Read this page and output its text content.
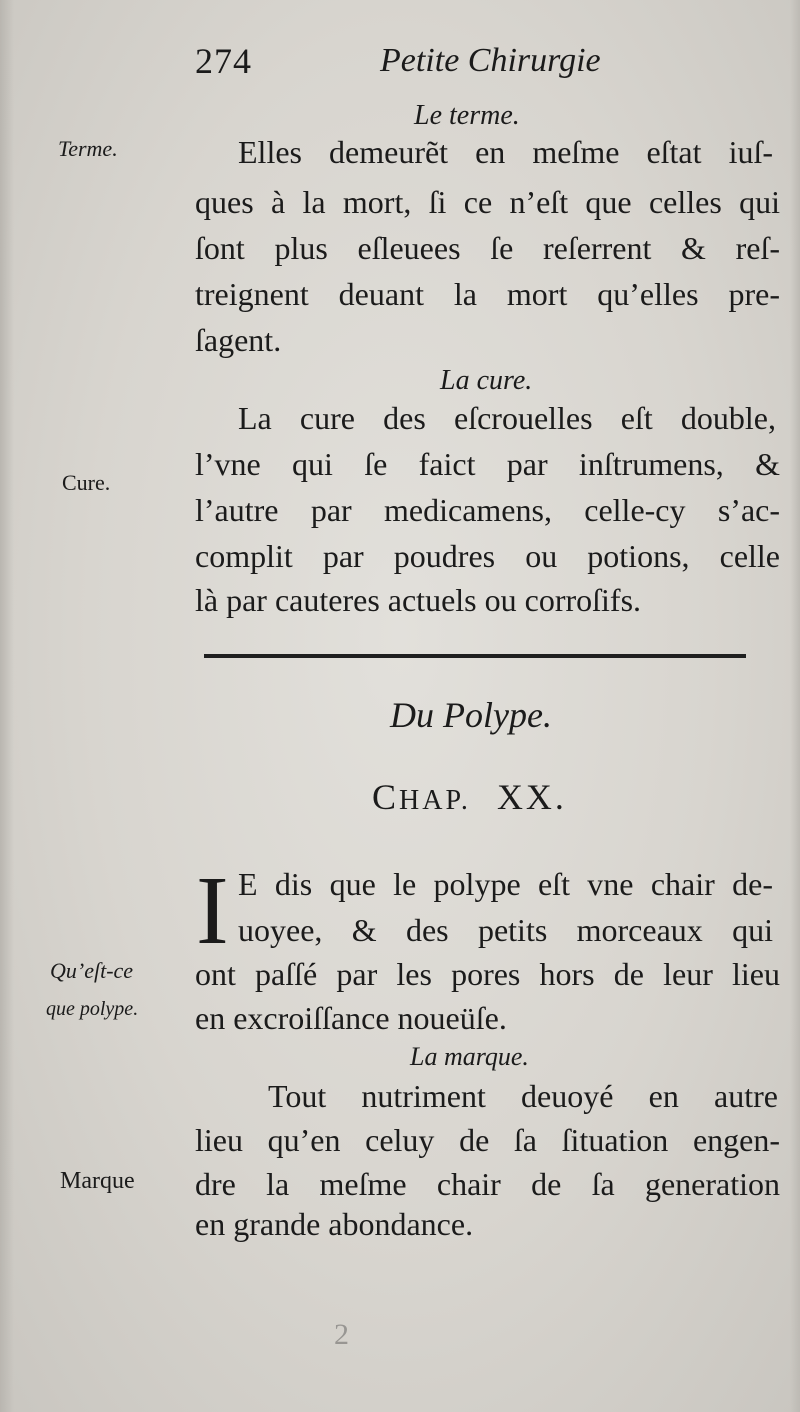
274	Petite Chirurgie
Le terme.
Terme.	Elles demeurẽt en meſme eſtat iuſ-
ques à la mort, ſi ce n’eſt que celles qui
ſont plus eſleuees ſe reſerrent & reſ-
treignent deuant la mort qu’elles pre-
ſagent.
La cure.
Cure.
La cure des eſcrouelles eſt double,
l’vne qui ſe faict par inſtrumens, &
l’autre par medicamens, celle-cy s’ac-
complit par poudres ou potions, celle
là par cauteres actuels ou corroſifs.
Du Polype.
CHAP. XX.
I E dis que le polype eſt vne chair de-
uoyee, & des petits morceaux qui
ont paſſé par les pores hors de leur lieu
en excroiſſance noueüſe.
Qu’eſt-ce
que polype.
La marque.
Marque
Tout nutriment deuoyé en autre
lieu qu’en celuy de ſa ſituation engen-
dre la meſme chair de ſa generation
en grande abondance.
2
